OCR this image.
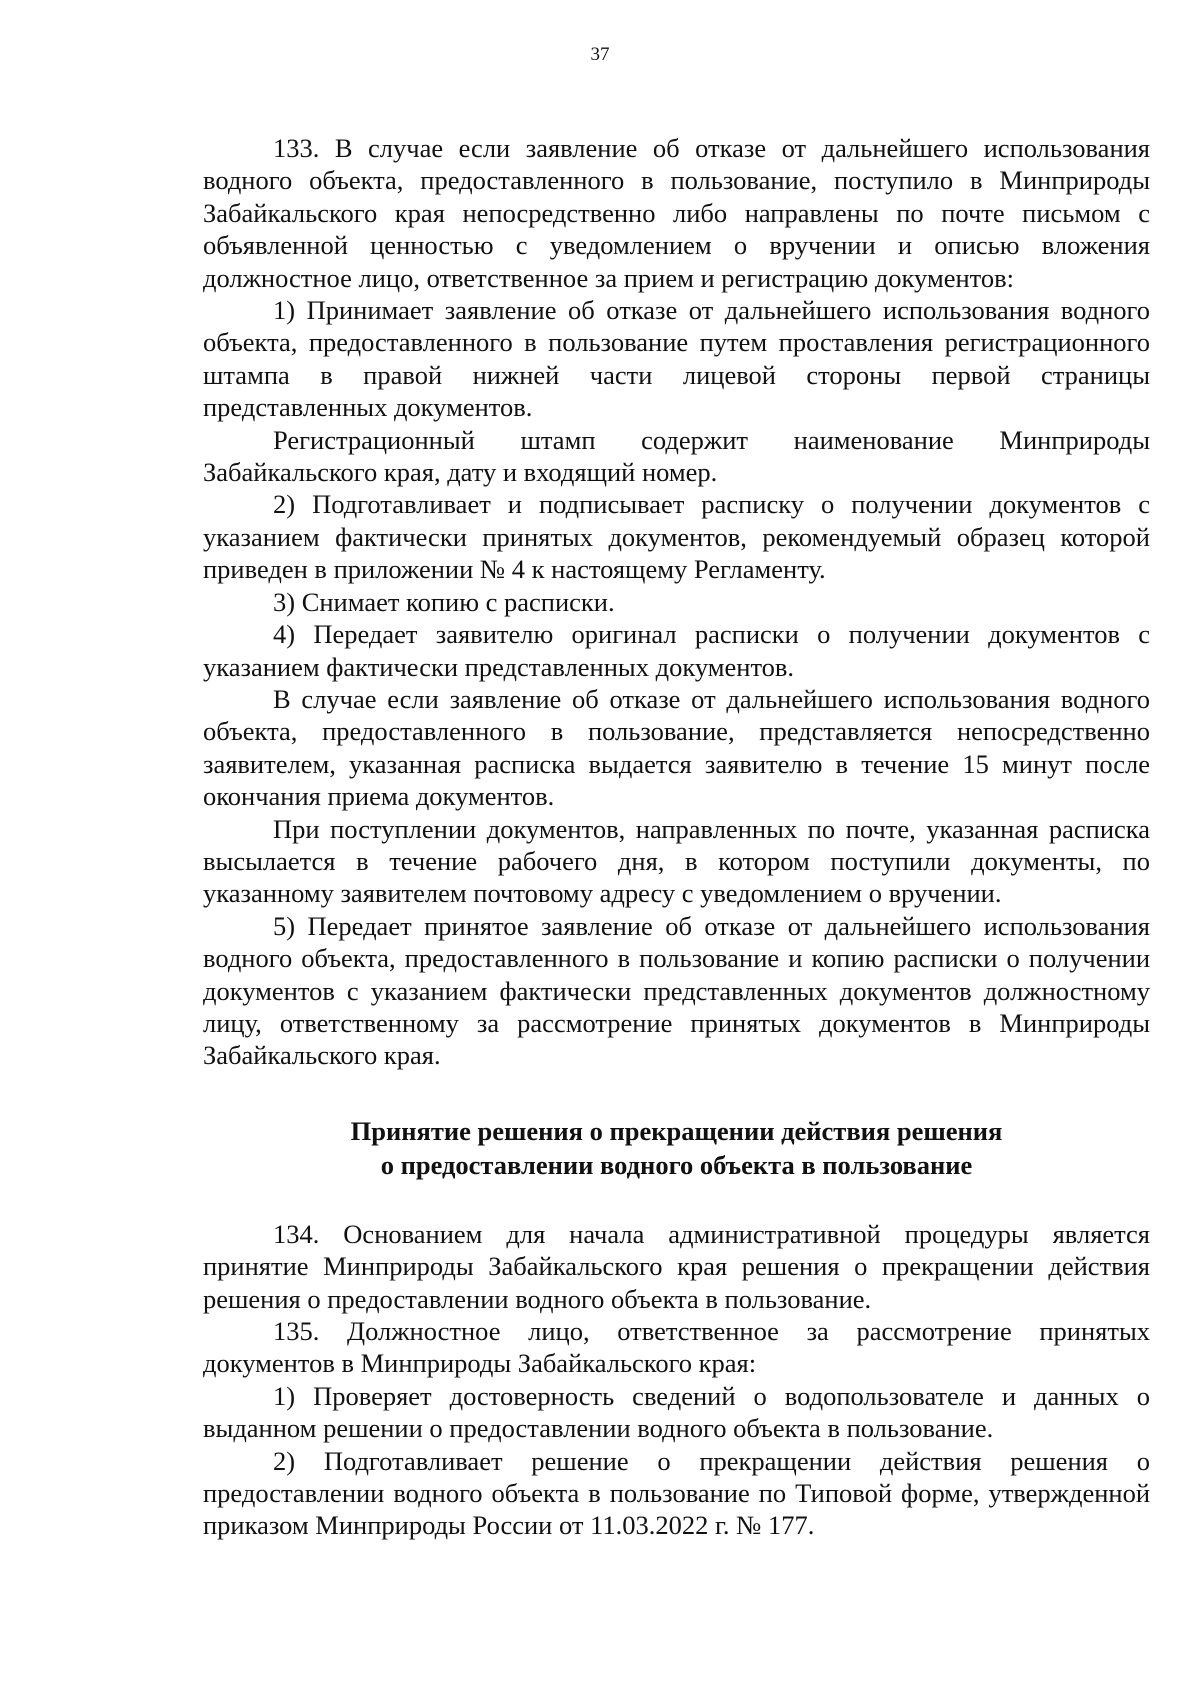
37

133. В случае если заявление об отказе от дальнейшего использования водного объекта, предоставленного в пользование, поступило в Минприроды Забайкальского края непосредственно либо направлены по почте письмом с объявленной ценностью с уведомлением о вручении и описью вложения должностное лицо, ответственное за прием и регистрацию документов:

1) Принимает заявление об отказе от дальнейшего использования водного объекта, предоставленного в пользование путем проставления регистрационного штампа в правой нижней части лицевой стороны первой страницы представленных документов.

Регистрационный штамп содержит наименование Минприроды Забайкальского края, дату и входящий номер.

2) Подготавливает и подписывает расписку о получении документов с указанием фактически принятых документов, рекомендуемый образец которой приведен в приложении № 4 к настоящему Регламенту.

3) Снимает копию с расписки.

4) Передает заявителю оригинал расписки о получении документов с указанием фактически представленных документов.

В случае если заявление об отказе от дальнейшего использования водного объекта, предоставленного в пользование, представляется непосредственно заявителем, указанная расписка выдается заявителю в течение 15 минут после окончания приема документов.

При поступлении документов, направленных по почте, указанная расписка высылается в течение рабочего дня, в котором поступили документы, по указанному заявителем почтовому адресу с уведомлением о вручении.

5) Передает принятое заявление об отказе от дальнейшего использования водного объекта, предоставленного в пользование и копию расписки о получении документов с указанием фактически представленных документов должностному лицу, ответственному за рассмотрение принятых документов в Минприроды Забайкальского края.

Принятие решения о прекращении действия решения
о предоставлении водного объекта в пользование

134. Основанием для начала административной процедуры является принятие Минприроды Забайкальского края решения о прекращении действия решения о предоставлении водного объекта в пользование.

135. Должностное лицо, ответственное за рассмотрение принятых документов в Минприроды Забайкальского края:

1) Проверяет достоверность сведений о водопользователе и данных о выданном решении о предоставлении водного объекта в пользование.

2) Подготавливает решение о прекращении действия решения о предоставлении водного объекта в пользование по Типовой форме, утвержденной приказом Минприроды России от 11.03.2022 г. № 177.
